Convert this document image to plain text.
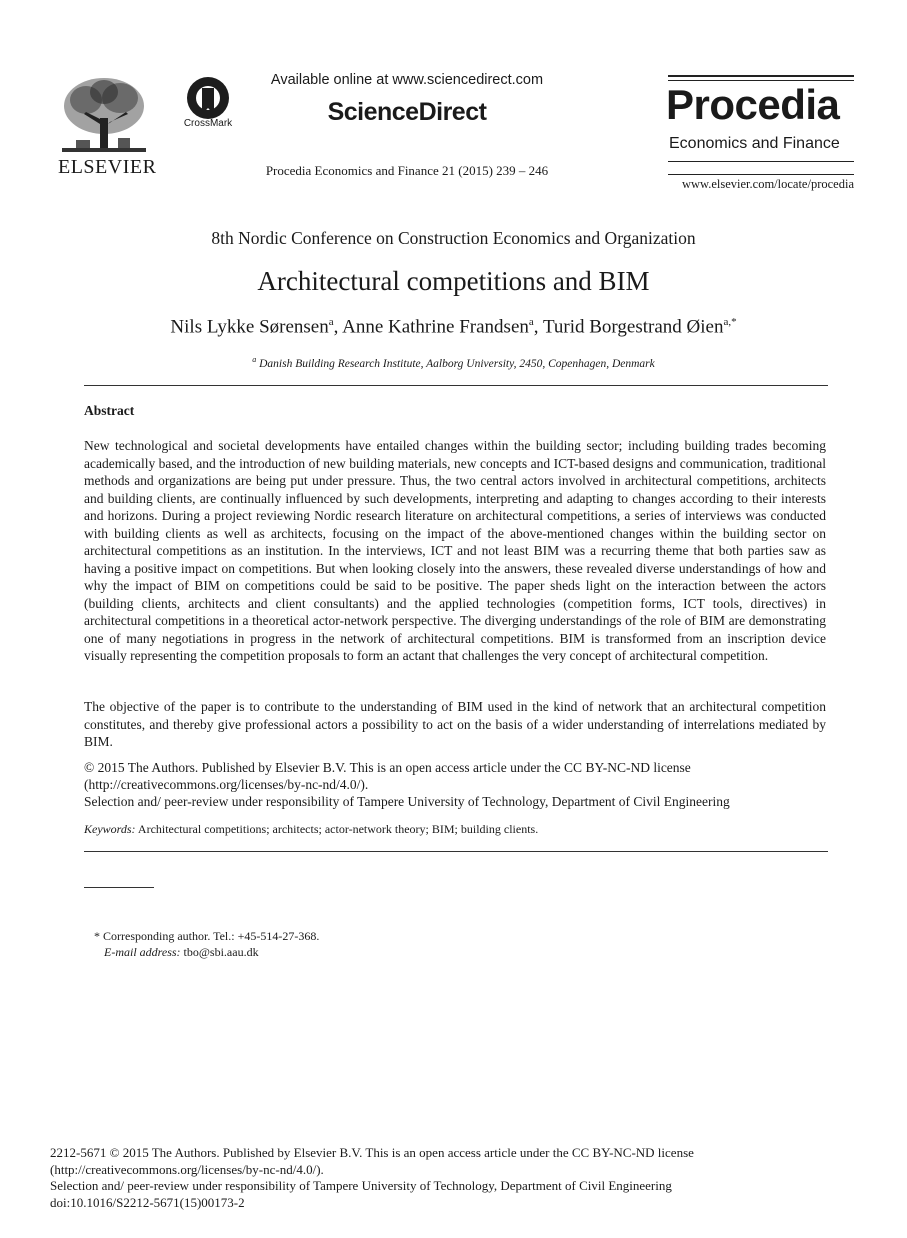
ELSEVIER
CrossMark
Available online at www.sciencedirect.com
ScienceDirect
Procedia Economics and Finance 21 (2015) 239 – 246
Procedia
Economics and Finance
www.elsevier.com/locate/procedia
8th Nordic Conference on Construction Economics and Organization
Architectural competitions and BIM
Nils Lykke Sørensen$^a$, Anne Kathrine Frandsen$^a$, Turid Borgestrand Øien$^{a,*}$
$^a$ Danish Building Research Institute, Aalborg University, 2450, Copenhagen, Denmark
Abstract
New technological and societal developments have entailed changes within the building sector; including building trades becoming academically based, and the introduction of new building materials, new concepts and ICT-based designs and communication, traditional methods and organizations are being put under pressure. Thus, the two central actors involved in architectural competitions, architects and building clients, are continually influenced by such developments, interpreting and adapting to changes according to their interests and horizons. During a project reviewing Nordic research literature on architectural competitions, a series of interviews was conducted with building clients as well as architects, focusing on the impact of the above-mentioned changes within the building sector on architectural competitions as an institution. In the interviews, ICT and not least BIM was a recurring theme that both parties saw as having a positive impact on competitions. But when looking closely into the answers, these revealed diverse understandings of how and why the impact of BIM on competitions could be said to be positive. The paper sheds light on the interaction between the actors (building clients, architects and client consultants) and the applied technologies (competition forms, ICT tools, directives) in architectural competitions in a theoretical actor-network perspective. The diverging understandings of the role of BIM are demonstrating one of many negotiations in progress in the network of architectural competitions. BIM is transformed from an inscription device visually representing the competition proposals to form an actant that challenges the very concept of architectural competition.
The objective of the paper is to contribute to the understanding of BIM used in the kind of network that an architectural competition constitutes, and thereby give professional actors a possibility to act on the basis of a wider understanding of interrelations mediated by BIM.
© 2015 The Authors. Published by Elsevier B.V. This is an open access article under the CC BY-NC-ND license
(http://creativecommons.org/licenses/by-nc-nd/4.0/).
Selection and/ peer-review under responsibility of Tampere University of Technology, Department of Civil Engineering
Keywords: Architectural competitions; architects; actor-network theory; BIM; building clients.
* Corresponding author. Tel.: +45-514-27-368.
E-mail address: tbo@sbi.aau.dk
2212-5671 © 2015 The Authors. Published by Elsevier B.V. This is an open access article under the CC BY-NC-ND license
(http://creativecommons.org/licenses/by-nc-nd/4.0/).
Selection and/ peer-review under responsibility of Tampere University of Technology, Department of Civil Engineering
doi:10.1016/S2212-5671(15)00173-2
